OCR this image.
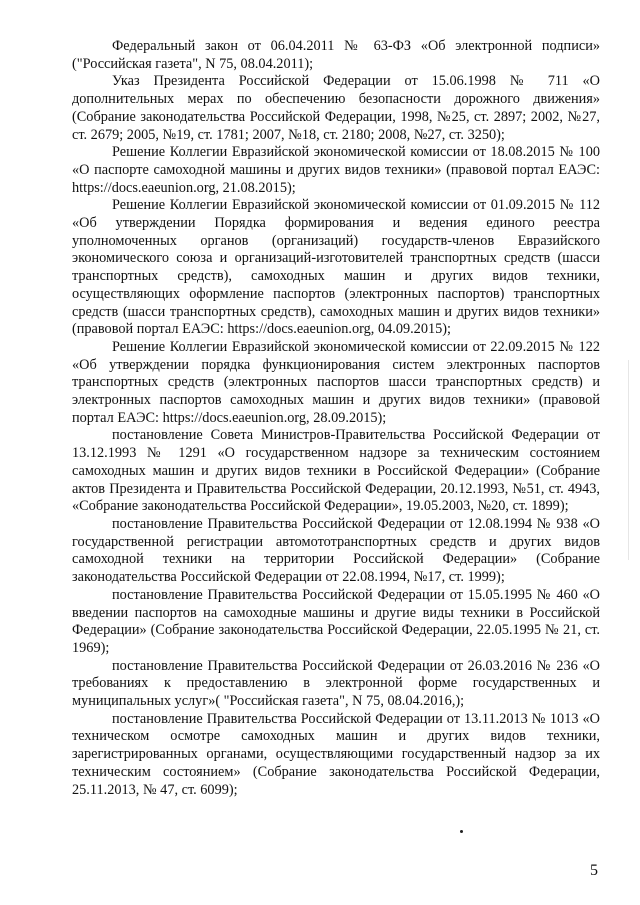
Федеральный закон от 06.04.2011 № 63-ФЗ «Об электронной подписи» ("Российская газета", N 75, 08.04.2011);

Указ Президента Российской Федерации от 15.06.1998 № 711 «О дополнительных мерах по обеспечению безопасности дорожного движения» (Собрание законодательства Российской Федерации, 1998, №25, ст. 2897; 2002, №27, ст. 2679; 2005, №19, ст. 1781; 2007, №18, ст. 2180; 2008, №27, ст. 3250);

Решение Коллегии Евразийской экономической комиссии от 18.08.2015 № 100 «О паспорте самоходной машины и других видов техники» (правовой портал ЕАЭС: https://docs.eaeunion.org, 21.08.2015);

Решение Коллегии Евразийской экономической комиссии от 01.09.2015 № 112 «Об утверждении Порядка формирования и ведения единого реестра уполномоченных органов (организаций) государств-членов Евразийского экономического союза и организаций-изготовителей транспортных средств (шасси транспортных средств), самоходных машин и других видов техники, осуществляющих оформление паспортов (электронных паспортов) транспортных средств (шасси транспортных средств), самоходных машин и других видов техники» (правовой портал ЕАЭС: https://docs.eaeunion.org, 04.09.2015);

Решение Коллегии Евразийской экономической комиссии от 22.09.2015 № 122 «Об утверждении порядка функционирования систем электронных паспортов транспортных средств (электронных паспортов шасси транспортных средств) и электронных паспортов самоходных машин и других видов техники» (правовой портал ЕАЭС: https://docs.eaeunion.org, 28.09.2015);

постановление Совета Министров-Правительства Российской Федерации от 13.12.1993 № 1291 «О государственном надзоре за техническим состоянием самоходных машин и других видов техники в Российской Федерации» (Собрание актов Президента и Правительства Российской Федерации, 20.12.1993, №51, ст. 4943, «Собрание законодательства Российской Федерации», 19.05.2003, №20, ст. 1899);

постановление Правительства Российской Федерации от 12.08.1994 № 938 «О государственной регистрации автомототранспортных средств и других видов самоходной техники на территории Российской Федерации» (Собрание законодательства Российской Федерации от 22.08.1994, №17, ст. 1999);

постановление Правительства Российской Федерации от 15.05.1995 № 460 «О введении паспортов на самоходные машины и другие виды техники в Российской Федерации» (Собрание законодательства Российской Федерации, 22.05.1995 № 21, ст. 1969);

постановление Правительства Российской Федерации от 26.03.2016 № 236 «О требованиях к предоставлению в электронной форме государственных и муниципальных услуг»( "Российская газета", N 75, 08.04.2016,);

постановление Правительства Российской Федерации от 13.11.2013 № 1013 «О техническом осмотре самоходных машин и других видов техники, зарегистрированных органами, осуществляющими государственный надзор за их техническим состоянием» (Собрание законодательства Российской Федерации, 25.11.2013, № 47, ст. 6099);

5
